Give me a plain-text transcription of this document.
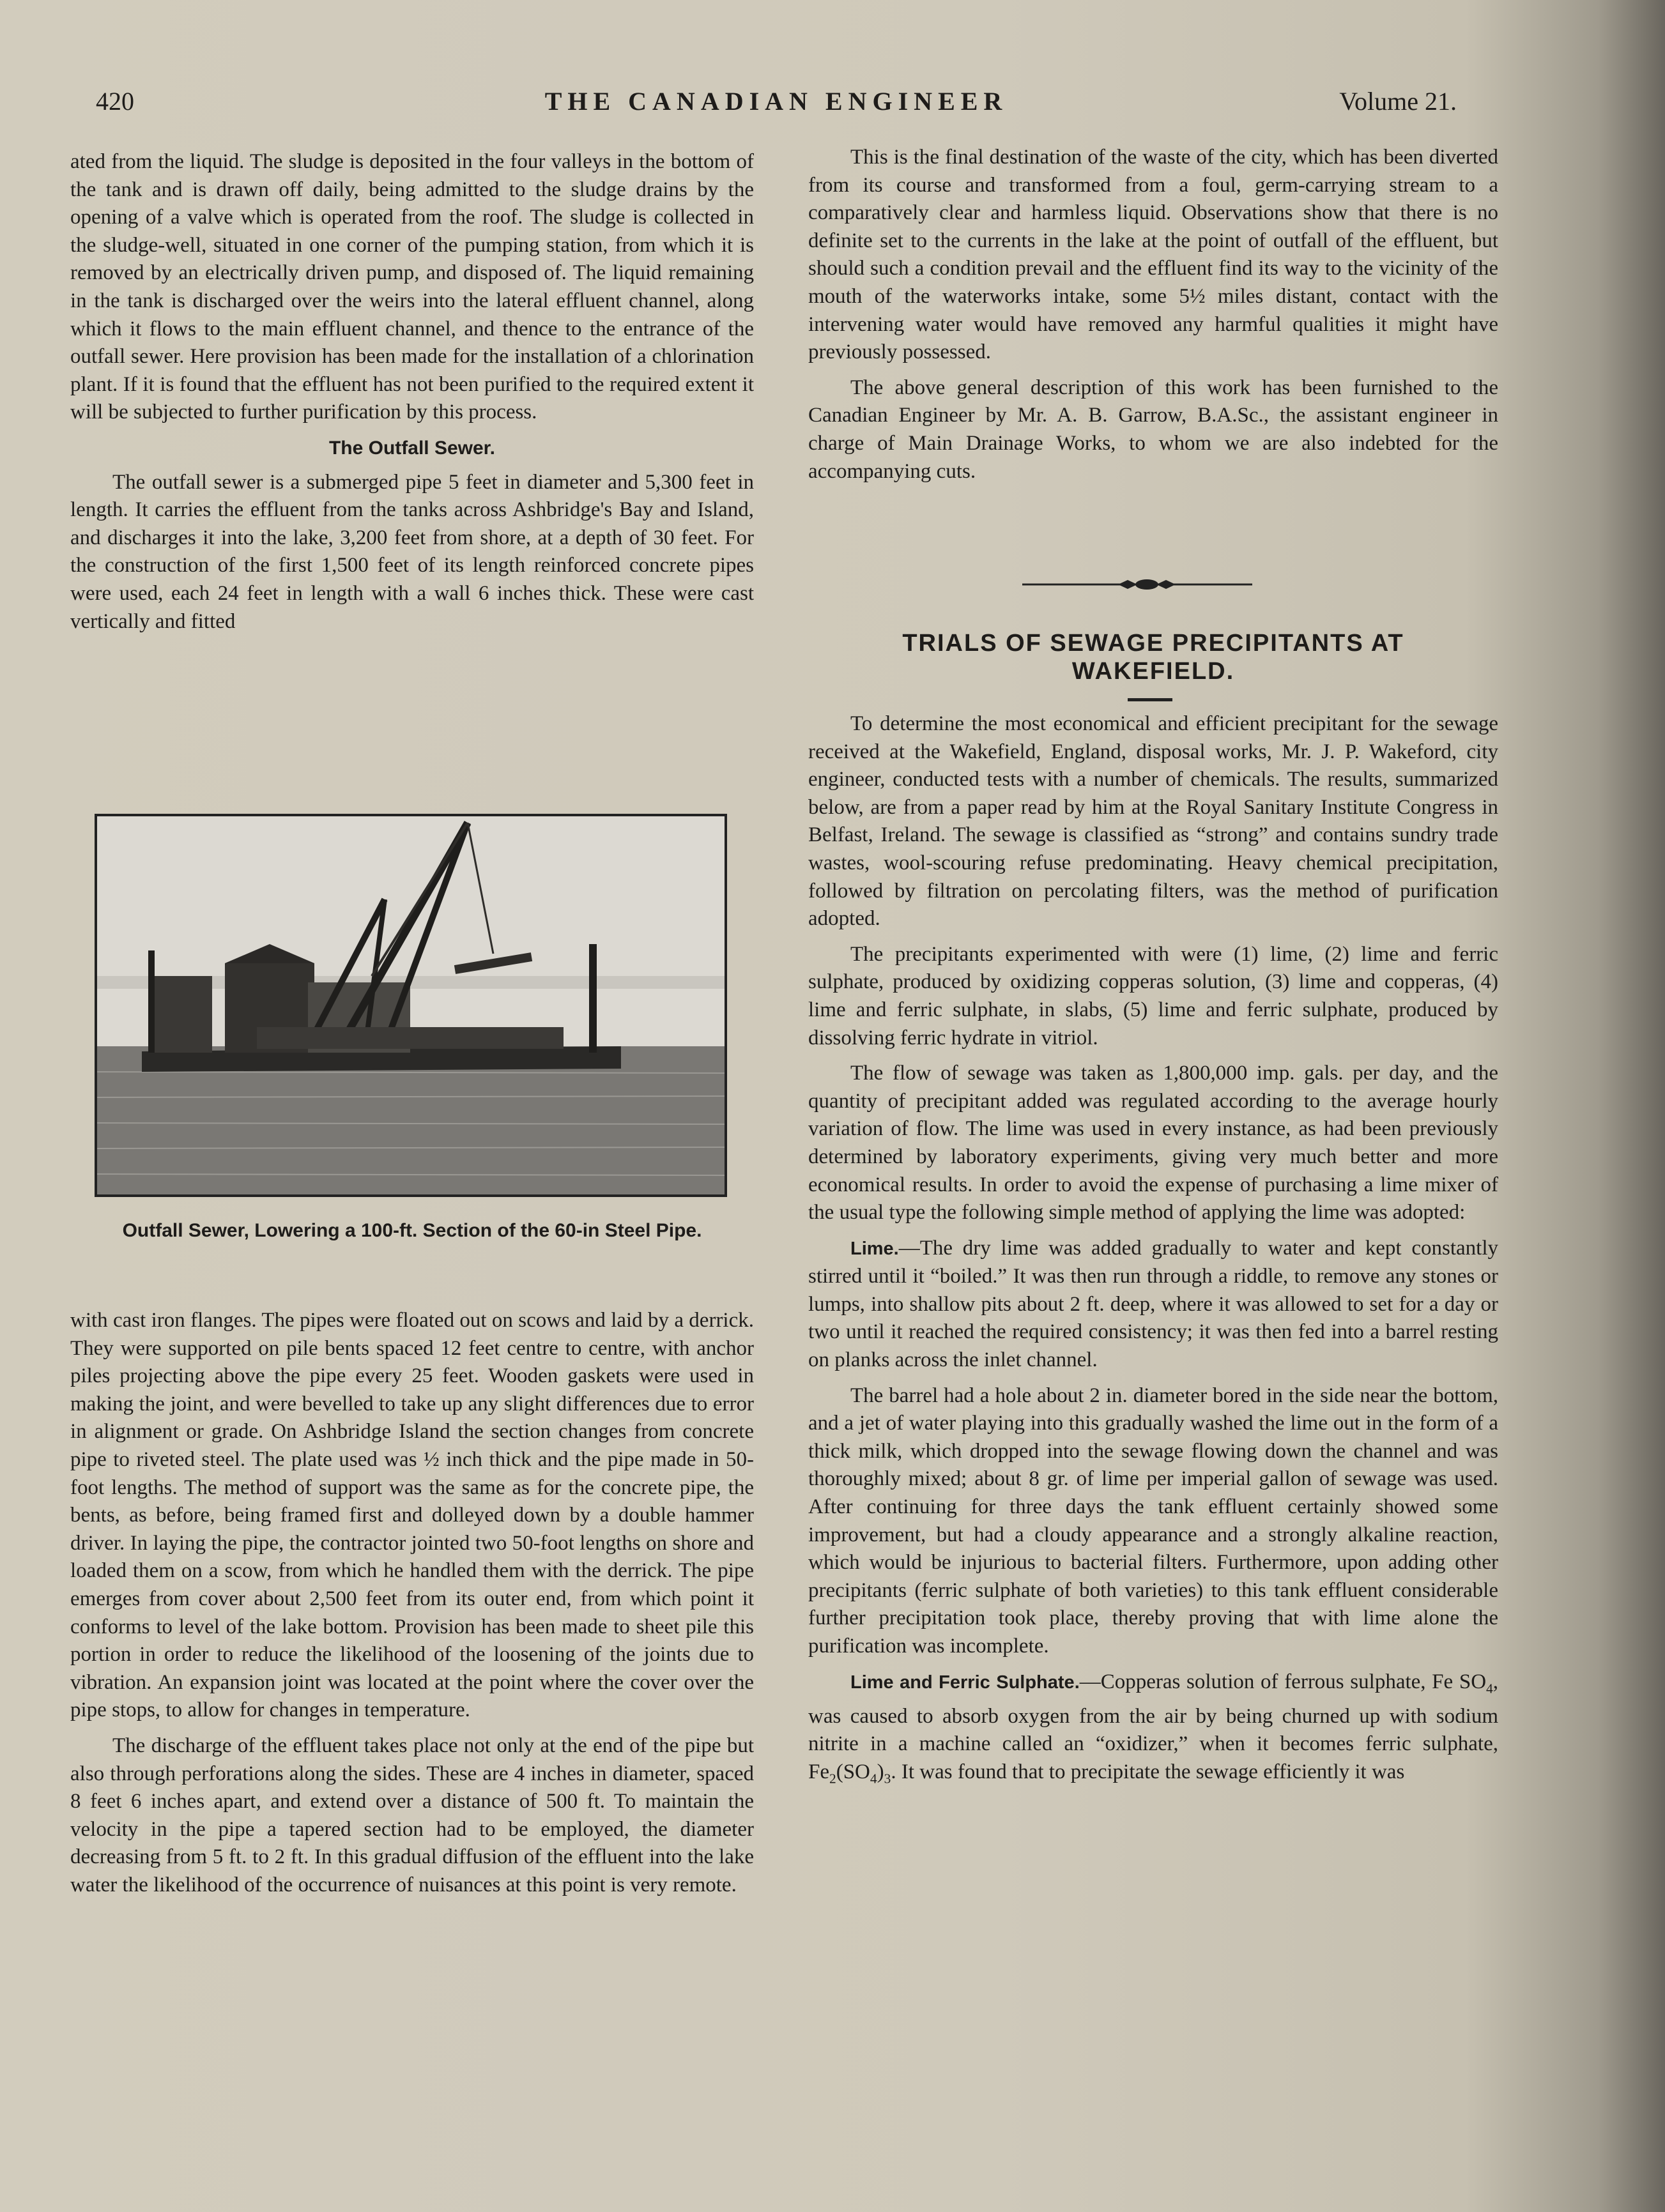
420	THE CANADIAN ENGINEER	Volume 21.

ated from the liquid. The sludge is deposited in the four valleys in the bottom of the tank and is drawn off daily, being admitted to the sludge drains by the opening of a valve which is operated from the roof. The sludge is collected in the sludge-well, situated in one corner of the pumping station, from which it is removed by an electrically driven pump, and disposed of. The liquid remaining in the tank is discharged over the weirs into the lateral effluent channel, along which it flows to the main effluent channel, and thence to the entrance of the outfall sewer. Here provision has been made for the installation of a chlorination plant. If it is found that the effluent has not been purified to the required extent it will be subjected to further purification by this process.

The Outfall Sewer.

The outfall sewer is a submerged pipe 5 feet in diameter and 5,300 feet in length. It carries the effluent from the tanks across Ashbridge's Bay and Island, and discharges it into the lake, 3,200 feet from shore, at a depth of 30 feet. For the construction of the first 1,500 feet of its length reinforced concrete pipes were used, each 24 feet in length with a wall 6 inches thick. These were cast vertically and fitted

Outfall Sewer, Lowering a 100-ft. Section of the 60-in Steel Pipe.

with cast iron flanges. The pipes were floated out on scows and laid by a derrick. They were supported on pile bents spaced 12 feet centre to centre, with anchor piles projecting above the pipe every 25 feet. Wooden gaskets were used in making the joint, and were bevelled to take up any slight differences due to error in alignment or grade. On Ashbridge Island the section changes from concrete pipe to riveted steel. The plate used was ½ inch thick and the pipe made in 50-foot lengths. The method of support was the same as for the concrete pipe, the bents, as before, being framed first and dolleyed down by a double hammer driver. In laying the pipe, the contractor jointed two 50-foot lengths on shore and loaded them on a scow, from which he handled them with the derrick. The pipe emerges from cover about 2,500 feet from its outer end, from which point it conforms to level of the lake bottom. Provision has been made to sheet pile this portion in order to reduce the likelihood of the loosening of the joints due to vibration. An expansion joint was located at the point where the cover over the pipe stops, to allow for changes in temperature.

The discharge of the effluent takes place not only at the end of the pipe but also through perforations along the sides. These are 4 inches in diameter, spaced 8 feet 6 inches apart, and extend over a distance of 500 ft. To maintain the velocity in the pipe a tapered section had to be employed, the diameter decreasing from 5 ft. to 2 ft. In this gradual diffusion of the effluent into the lake water the likelihood of the occurrence of nuisances at this point is very remote.

This is the final destination of the waste of the city, which has been diverted from its course and transformed from a foul, germ-carrying stream to a comparatively clear and harmless liquid. Observations show that there is no definite set to the currents in the lake at the point of outfall of the effluent, but should such a condition prevail and the effluent find its way to the vicinity of the mouth of the waterworks intake, some 5½ miles distant, contact with the intervening water would have removed any harmful qualities it might have previously possessed.

The above general description of this work has been furnished to the Canadian Engineer by Mr. A. B. Garrow, B.A.Sc., the assistant engineer in charge of Main Drainage Works, to whom we are also indebted for the accompanying cuts.

TRIALS OF SEWAGE PRECIPITANTS AT
WAKEFIELD.

To determine the most economical and efficient precipitant for the sewage received at the Wakefield, England, disposal works, Mr. J. P. Wakeford, city engineer, conducted tests with a number of chemicals. The results, summarized below, are from a paper read by him at the Royal Sanitary Institute Congress in Belfast, Ireland. The sewage is classified as “strong” and contains sundry trade wastes, wool-scouring refuse predominating. Heavy chemical precipitation, followed by filtration on percolating filters, was the method of purification adopted.

The precipitants experimented with were (1) lime, (2) lime and ferric sulphate, produced by oxidizing copperas solution, (3) lime and copperas, (4) lime and ferric sulphate, in slabs, (5) lime and ferric sulphate, produced by dissolving ferric hydrate in vitriol.

The flow of sewage was taken as 1,800,000 imp. gals. per day, and the quantity of precipitant added was regulated according to the average hourly variation of flow. The lime was used in every instance, as had been previously determined by laboratory experiments, giving very much better and more economical results. In order to avoid the expense of purchasing a lime mixer of the usual type the following simple method of applying the lime was adopted:

Lime.—The dry lime was added gradually to water and kept constantly stirred until it “boiled.” It was then run through a riddle, to remove any stones or lumps, into shallow pits about 2 ft. deep, where it was allowed to set for a day or two until it reached the required consistency; it was then fed into a barrel resting on planks across the inlet channel.

The barrel had a hole about 2 in. diameter bored in the side near the bottom, and a jet of water playing into this gradually washed the lime out in the form of a thick milk, which dropped into the sewage flowing down the channel and was thoroughly mixed; about 8 gr. of lime per imperial gallon of sewage was used. After continuing for three days the tank effluent certainly showed some improvement, but had a cloudy appearance and a strongly alkaline reaction, which would be injurious to bacterial filters. Furthermore, upon adding other precipitants (ferric sulphate of both varieties) to this tank effluent considerable further precipitation took place, thereby proving that with lime alone the purification was incomplete.

Lime and Ferric Sulphate.—Copperas solution of ferrous sulphate, Fe $SO_4$, was caused to absorb oxygen from the air by being churned up with sodium nitrite in a machine called an “oxidizer,” when it becomes ferric sulphate, $Fe_2(SO_4)_3$. It was found that to precipitate the sewage efficiently it was
